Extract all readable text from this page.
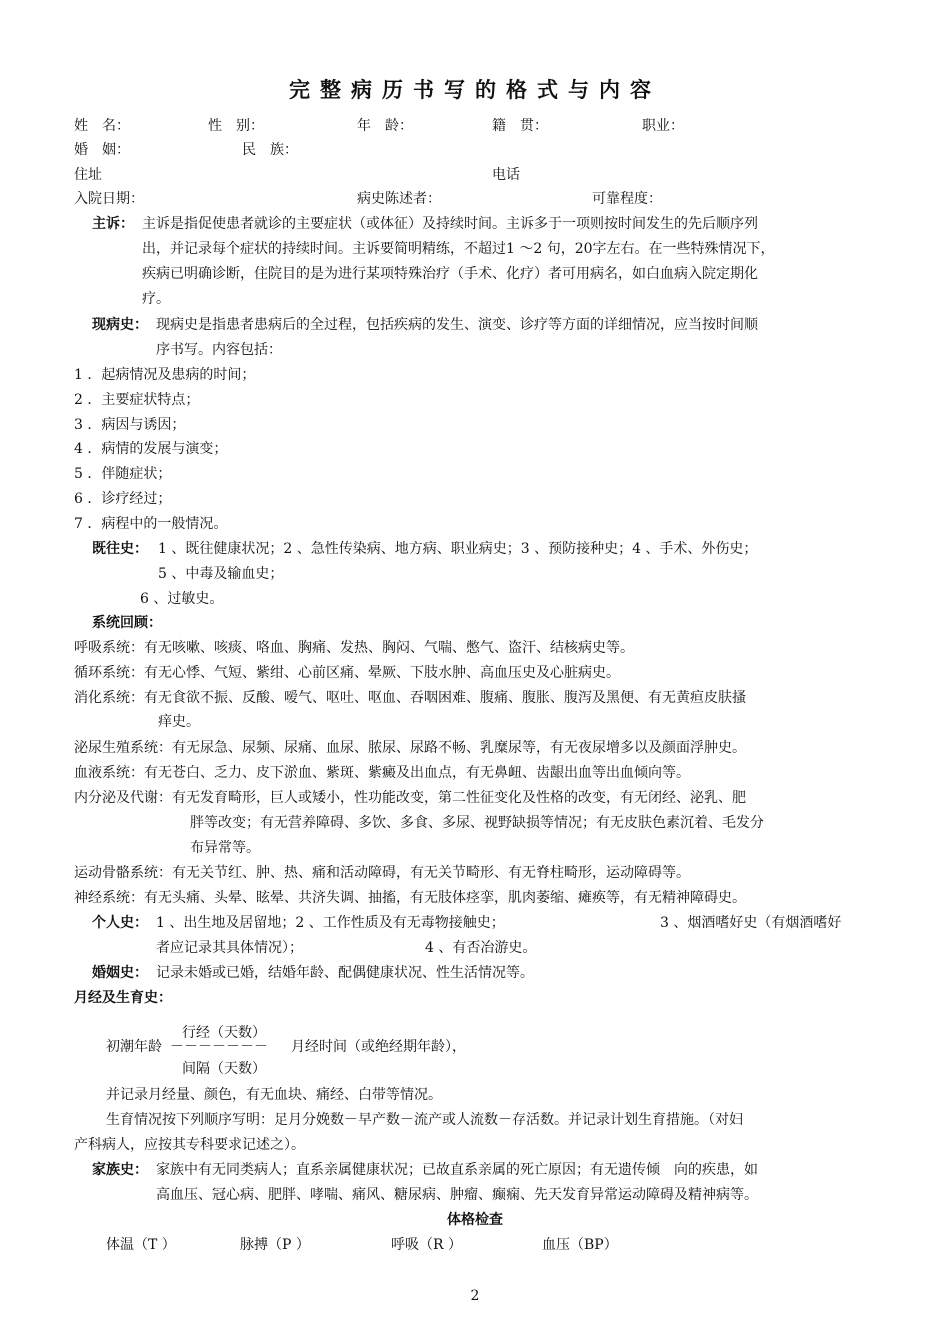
完整病历书写的格式与内容
姓　名：	性　别：	年　龄：	籍　贯：	职业：
婚　姻：	民　族：
住址	电话
入院日期：	病史陈述者：	可靠程度：
主诉： 主诉是指促使患者就诊的主要症状（或体征）及持续时间。主诉多于一项则按时间发生的先后顺序列
出，并记录每个症状的持续时间。主诉要简明精练，不超过1 ～2 句，20字左右。在一些特殊情况下，
疾病已明确诊断，住院目的是为进行某项特殊治疗（手术、化疗）者可用病名，如白血病入院定期化
疗。
现病史： 现病史是指患者患病后的全过程，包括疾病的发生、演变、诊疗等方面的详细情况，应当按时间顺
序书写。内容包括：
1 ．起病情况及患病的时间；
2 ．主要症状特点；
3 ．病因与诱因；
4 ．病情的发展与演变；
5 ．伴随症状；
6 ．诊疗经过；
7 ．病程中的一般情况。
既往史： 1 、既往健康状况；2 、急性传染病、地方病、职业病史；3 、预防接种史；4 、手术、外伤史；
5 、中毒及输血史；
6 、过敏史。
系统回顾：
呼吸系统：有无咳嗽、咳痰、咯血、胸痛、发热、胸闷、气喘、憋气、盗汗、结核病史等。
循环系统：有无心悸、气短、紫绀、心前区痛、晕厥、下肢水肿、高血压史及心脏病史。
消化系统：有无食欲不振、反酸、嗳气、呕吐、呕血、吞咽困难、腹痛、腹胀、腹泻及黑便、有无黄疸皮肤搔
痒史。
泌尿生殖系统：有无尿急、尿频、尿痛、血尿、脓尿、尿路不畅、乳糜尿等，有无夜尿增多以及颜面浮肿史。
血液系统：有无苍白、乏力、皮下淤血、紫斑、紫癜及出血点，有无鼻衄、齿龈出血等出血倾向等。
内分泌及代谢：有无发育畸形，巨人或矮小，性功能改变，第二性征变化及性格的改变，有无闭经、泌乳、肥
胖等改变；有无营养障碍、多饮、多食、多尿、视野缺损等情况；有无皮肤色素沉着、毛发分
布异常等。
运动骨骼系统：有无关节红、肿、热、痛和活动障碍，有无关节畸形、有无脊柱畸形，运动障碍等。
神经系统：有无头痛、头晕、眩晕、共济失调、抽搐，有无肢体痉挛，肌肉萎缩、瘫痪等，有无精神障碍史。
个人史： 1 、出生地及居留地；2 、工作性质及有无毒物接触史；	3 、烟酒嗜好史（有烟酒嗜好
者应记录其具体情况）；	4 、有否冶游史。
婚姻史： 记录未婚或已婚，结婚年龄、配偶健康状况、性生活情况等。
月经及生育史：
行经（天数）
初潮年龄 －－－－－－－ 月经时间（或绝经期年龄），
间隔（天数）
并记录月经量、颜色，有无血块、痛经、白带等情况。
生育情况按下列顺序写明：足月分娩数－早产数－流产或人流数－存活数。并记录计划生育措施。（对妇
产科病人，应按其专科要求记述之）。
家族史： 家族中有无同类病人；直系亲属健康状况；已故直系亲属的死亡原因；有无遗传倾　向的疾患，如
高血压、冠心病、肥胖、哮喘、痛风、糖尿病、肿瘤、癫痫、先天发育异常运动障碍及精神病等。
体格检查
体温（T ）	脉搏（P ）	呼吸（R ）	血压（BP）
2
